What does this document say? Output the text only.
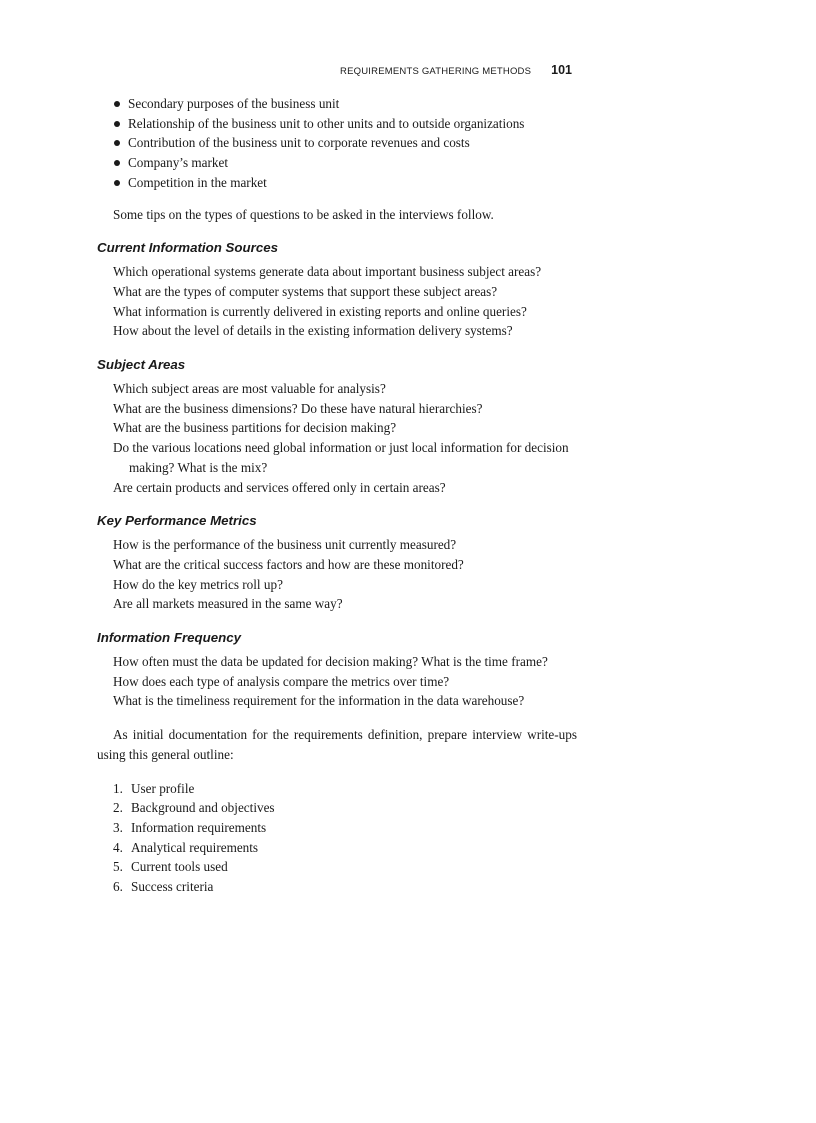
REQUIREMENTS GATHERING METHODS 101
Secondary purposes of the business unit
Relationship of the business unit to other units and to outside organizations
Contribution of the business unit to corporate revenues and costs
Company’s market
Competition in the market

Some tips on the types of questions to be asked in the interviews follow.

Current Information Sources
Which operational systems generate data about important business subject areas?
What are the types of computer systems that support these subject areas?
What information is currently delivered in existing reports and online queries?
How about the level of details in the existing information delivery systems?
Subject Areas
Which subject areas are most valuable for analysis?
What are the business dimensions? Do these have natural hierarchies?
What are the business partitions for decision making?
Do the various locations need global information or just local information for decision making? What is the mix?
Are certain products and services offered only in certain areas?
Key Performance Metrics
How is the performance of the business unit currently measured?
What are the critical success factors and how are these monitored?
How do the key metrics roll up?
Are all markets measured in the same way?
Information Frequency
How often must the data be updated for decision making? What is the time frame?
How does each type of analysis compare the metrics over time?
What is the timeliness requirement for the information in the data warehouse?

As initial documentation for the requirements definition, prepare interview write-ups using this general outline:

1. User profile
2. Background and objectives
3. Information requirements
4. Analytical requirements
5. Current tools used
6. Success criteria
